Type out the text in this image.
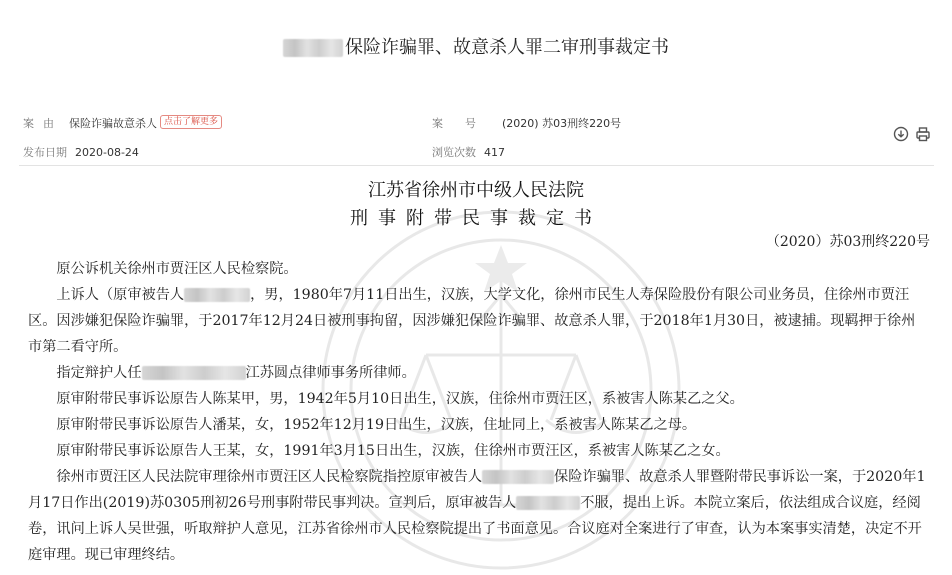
保险诈骗罪、故意杀人罪二审刑事裁定书
案由 保险诈骗故意杀人 点击了解更多	案号 (2020) 苏03刑终220号
发布日期 2020-08-24	浏览次数 417
江苏省徐州市中级人民法院
刑事附带民事裁定书
（2020）苏03刑终220号

原公诉机关徐州市贾汪区人民检察院。

上诉人（原审被告人	，男，1980年7月11日出生，汉族，大学文化，徐州市民生人寿保险股份有限公司业务员，住徐州市贾汪区。因涉嫌犯保险诈骗罪，于2017年12月24日被刑事拘留，因涉嫌犯保险诈骗罪、故意杀人罪，于2018年1月30日，被逮捕。现羁押于徐州市第二看守所。

指定辩护人任	江苏圆点律师事务所律师。

原审附带民事诉讼原告人陈某甲，男，1942年5月10日出生，汉族，住徐州市贾汪区，系被害人陈某乙之父。

原审附带民事诉讼原告人潘某，女，1952年12月19日出生，汉族，住址同上，系被害人陈某乙之母。

原审附带民事诉讼原告人王某，女，1991年3月15日出生，汉族，住徐州市贾汪区，系被害人陈某乙之女。

徐州市贾汪区人民法院审理徐州市贾汪区人民检察院指控原审被告人	保险诈骗罪、故意杀人罪暨附带民事诉讼一案，于2020年1月17日作出(2019)苏0305刑初26号刑事附带民事判决。宣判后，原审被告人	不服，提出上诉。本院立案后，依法组成合议庭，经阅卷，讯问上诉人吴世强，听取辩护人意见，江苏省徐州市人民检察院提出了书面意见。合议庭对全案进行了审查，认为本案事实清楚，决定不开庭审理。现已审理终结。
